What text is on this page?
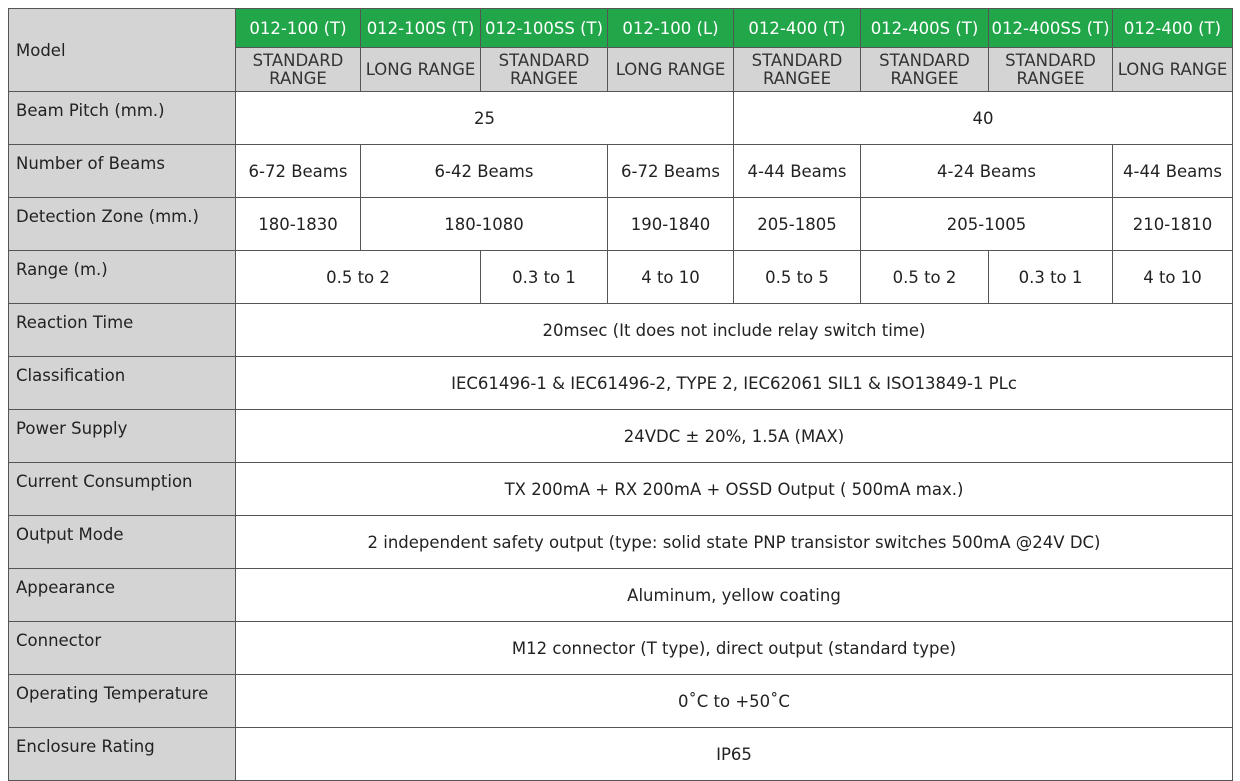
Model	012-100 (T)	012-100S (T)	012-100SS (T)	012-100 (L)	012-400 (T)	012-400S (T)	012-400SS (T)	012-400 (T)
	STANDARD RANGE	LONG RANGE	STANDARD RANGEE	LONG RANGE	STANDARD RANGEE	STANDARD RANGEE	STANDARD RANGEE	LONG RANGE
Beam Pitch (mm.)	25				40			
Number of Beams	6-72 Beams	6-42 Beams		6-72 Beams	4-44 Beams	4-24 Beams		4-44 Beams
Detection Zone (mm.)	180-1830	180-1080		190-1840	205-1805	205-1005		210-1810
Range (m.)	0.5 to 2		0.3 to 1	4 to 10	0.5 to 5	0.5 to 2	0.3 to 1	4 to 10
Reaction Time	20msec (It does not include relay switch time)							
Classification	IEC61496-1 & IEC61496-2, TYPE 2, IEC62061 SIL1 & ISO13849-1 PLc							
Power Supply	24VDC ± 20%, 1.5A (MAX)							
Current Consumption	TX 200mA + RX 200mA + OSSD Output ( 500mA max.)							
Output Mode	2 independent safety output (type: solid state PNP transistor switches 500mA @24V DC)							
Appearance	Aluminum, yellow coating							
Connector	M12 connector (T type), direct output (standard type)							
Operating Temperature	0˚C to +50˚C							
Enclosure Rating	IP65							
